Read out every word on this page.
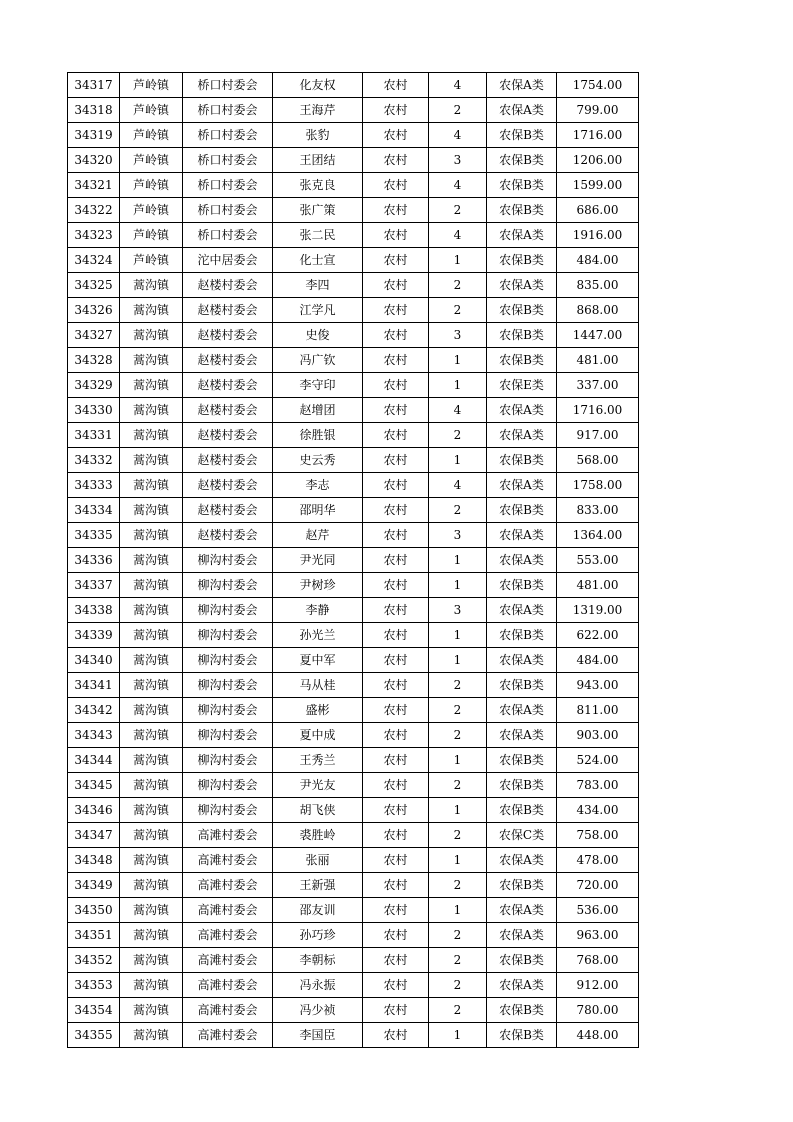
34317	芦岭镇	桥口村委会	化友权	农村	4	农保A类	1754.00
34318	芦岭镇	桥口村委会	王海芹	农村	2	农保A类	799.00
34319	芦岭镇	桥口村委会	张豹	农村	4	农保B类	1716.00
34320	芦岭镇	桥口村委会	王团结	农村	3	农保B类	1206.00
34321	芦岭镇	桥口村委会	张克良	农村	4	农保B类	1599.00
34322	芦岭镇	桥口村委会	张广策	农村	2	农保B类	686.00
34323	芦岭镇	桥口村委会	张二民	农村	4	农保A类	1916.00
34324	芦岭镇	沱中居委会	化士宣	农村	1	农保B类	484.00
34325	蒿沟镇	赵楼村委会	李四	农村	2	农保A类	835.00
34326	蒿沟镇	赵楼村委会	江学凡	农村	2	农保B类	868.00
34327	蒿沟镇	赵楼村委会	史俊	农村	3	农保B类	1447.00
34328	蒿沟镇	赵楼村委会	冯广钦	农村	1	农保B类	481.00
34329	蒿沟镇	赵楼村委会	李守印	农村	1	农保E类	337.00
34330	蒿沟镇	赵楼村委会	赵增团	农村	4	农保A类	1716.00
34331	蒿沟镇	赵楼村委会	徐胜银	农村	2	农保A类	917.00
34332	蒿沟镇	赵楼村委会	史云秀	农村	1	农保B类	568.00
34333	蒿沟镇	赵楼村委会	李志	农村	4	农保A类	1758.00
34334	蒿沟镇	赵楼村委会	邵明华	农村	2	农保B类	833.00
34335	蒿沟镇	赵楼村委会	赵芹	农村	3	农保A类	1364.00
34336	蒿沟镇	柳沟村委会	尹光同	农村	1	农保A类	553.00
34337	蒿沟镇	柳沟村委会	尹树珍	农村	1	农保B类	481.00
34338	蒿沟镇	柳沟村委会	李静	农村	3	农保A类	1319.00
34339	蒿沟镇	柳沟村委会	孙光兰	农村	1	农保B类	622.00
34340	蒿沟镇	柳沟村委会	夏中军	农村	1	农保A类	484.00
34341	蒿沟镇	柳沟村委会	马从桂	农村	2	农保B类	943.00
34342	蒿沟镇	柳沟村委会	盛彬	农村	2	农保A类	811.00
34343	蒿沟镇	柳沟村委会	夏中成	农村	2	农保A类	903.00
34344	蒿沟镇	柳沟村委会	王秀兰	农村	1	农保B类	524.00
34345	蒿沟镇	柳沟村委会	尹光友	农村	2	农保B类	783.00
34346	蒿沟镇	柳沟村委会	胡飞侠	农村	1	农保B类	434.00
34347	蒿沟镇	高滩村委会	裘胜岭	农村	2	农保C类	758.00
34348	蒿沟镇	高滩村委会	张丽	农村	1	农保A类	478.00
34349	蒿沟镇	高滩村委会	王新强	农村	2	农保B类	720.00
34350	蒿沟镇	高滩村委会	邵友训	农村	1	农保A类	536.00
34351	蒿沟镇	高滩村委会	孙巧珍	农村	2	农保A类	963.00
34352	蒿沟镇	高滩村委会	李朝标	农村	2	农保B类	768.00
34353	蒿沟镇	高滩村委会	冯永振	农村	2	农保A类	912.00
34354	蒿沟镇	高滩村委会	冯少祯	农村	2	农保B类	780.00
34355	蒿沟镇	高滩村委会	李国臣	农村	1	农保B类	448.00
